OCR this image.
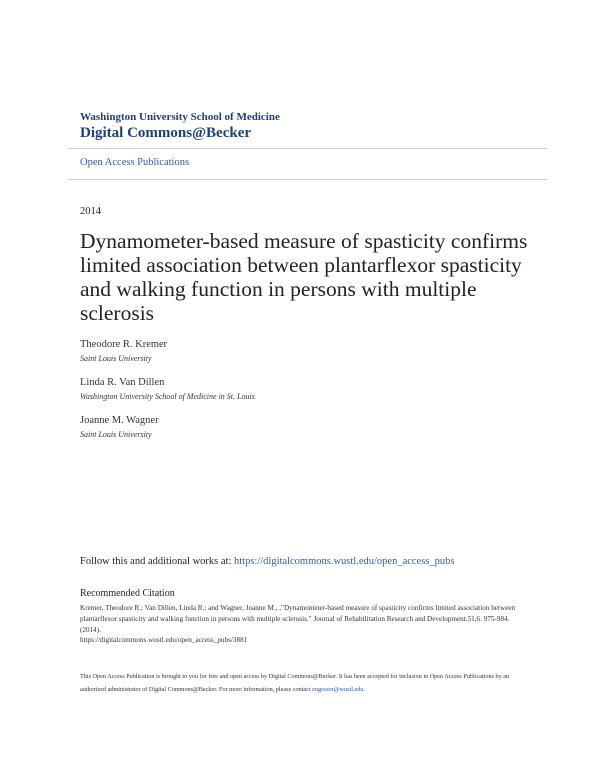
Washington University School of Medicine
Digital Commons@Becker
Open Access Publications
2014
Dynamometer-based measure of spasticity confirms limited association between plantarflexor spasticity and walking function in persons with multiple sclerosis
Theodore R. Kremer
Saint Louis University
Linda R. Van Dillen
Washington University School of Medicine in St. Louis
Joanne M. Wagner
Saint Louis University
Follow this and additional works at: https://digitalcommons.wustl.edu/open_access_pubs
Recommended Citation
Kremer, Theodore R.; Van Dillen, Linda R.; and Wagner, Joanne M., ,"Dynamometer-based measure of spasticity confirms limited association between plantarflexor spasticity and walking function in persons with multiple sclerosis." Journal of Rehabilitation Research and Development.51,6. 975-984. (2014).
https://digitalcommons.wustl.edu/open_access_pubs/3881
This Open Access Publication is brought to you for free and open access by Digital Commons@Becker. It has been accepted for inclusion in Open Access Publications by an authorized administrator of Digital Commons@Becker. For more information, please contact engeszer@wustl.edu.
